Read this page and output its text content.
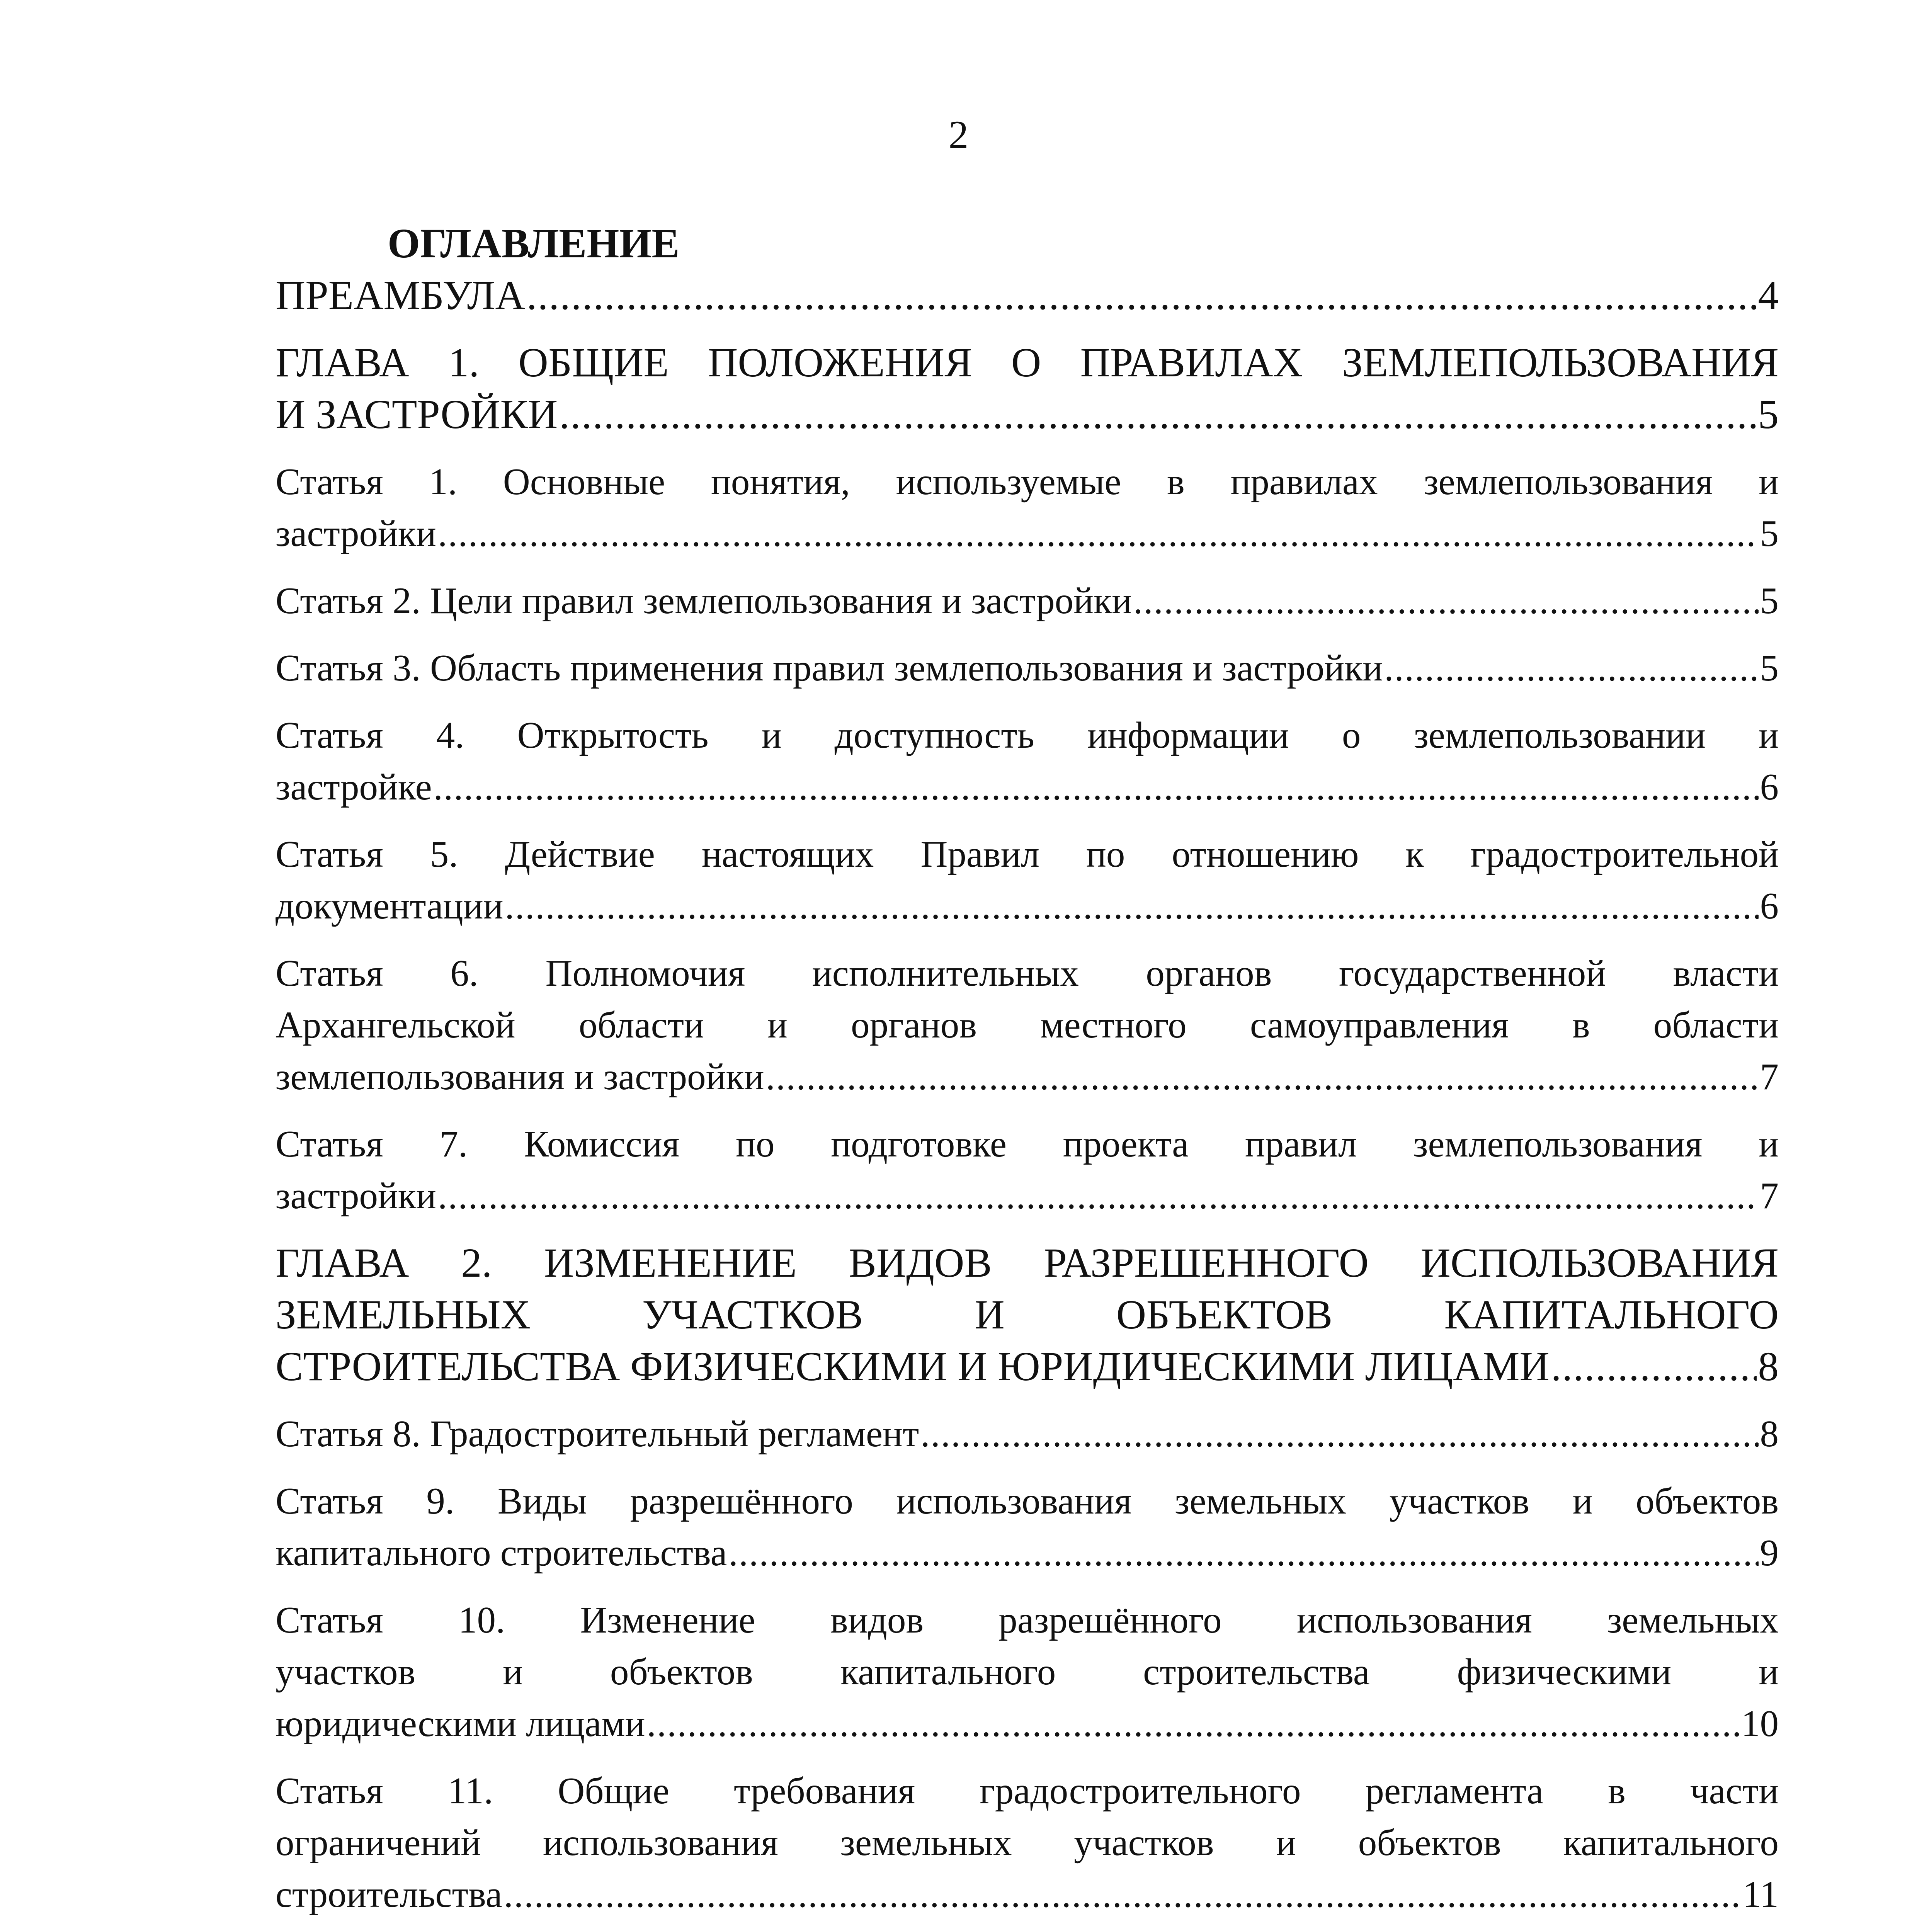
2
ОГЛАВЛЕНИЕ
ПРЕАМБУЛА .....	4
ГЛАВА 1. ОБЩИЕ ПОЛОЖЕНИЯ О ПРАВИЛАХ ЗЕМЛЕПОЛЬЗОВАНИЯ
И ЗАСТРОЙКИ .....	5
Статья 1. Основные понятия, используемые в правилах землепользования и
застройки .....	5
Статья 2. Цели правил землепользования и застройки .....	5
Статья 3. Область применения правил землепользования и застройки .....	5
Статья 4. Открытость и доступность информации о землепользовании и
застройке .....	6
Статья 5. Действие настоящих Правил по отношению к градостроительной
документации .....	6
Статья 6. Полномочия исполнительных органов государственной власти
Архангельской области и органов местного самоуправления в области
землепользования и застройки .....	7
Статья 7. Комиссия по подготовке проекта правил землепользования и
застройки .....	7
ГЛАВА 2. ИЗМЕНЕНИЕ ВИДОВ РАЗРЕШЕННОГО ИСПОЛЬЗОВАНИЯ
ЗЕМЕЛЬНЫХ УЧАСТКОВ И ОБЪЕКТОВ КАПИТАЛЬНОГО
СТРОИТЕЛЬСТВА ФИЗИЧЕСКИМИ И ЮРИДИЧЕСКИМИ ЛИЦАМИ .....	8
Статья 8. Градостроительный регламент .....	8
Статья 9. Виды разрешённого использования земельных участков и объектов
капитального строительства .....	9
Статья 10. Изменение видов разрешённого использования земельных
участков и объектов капитального строительства физическими и
юридическими лицами .....	10
Статья 11. Общие требования градостроительного регламента в части
ограничений использования земельных участков и объектов капитального
строительства .....	11
